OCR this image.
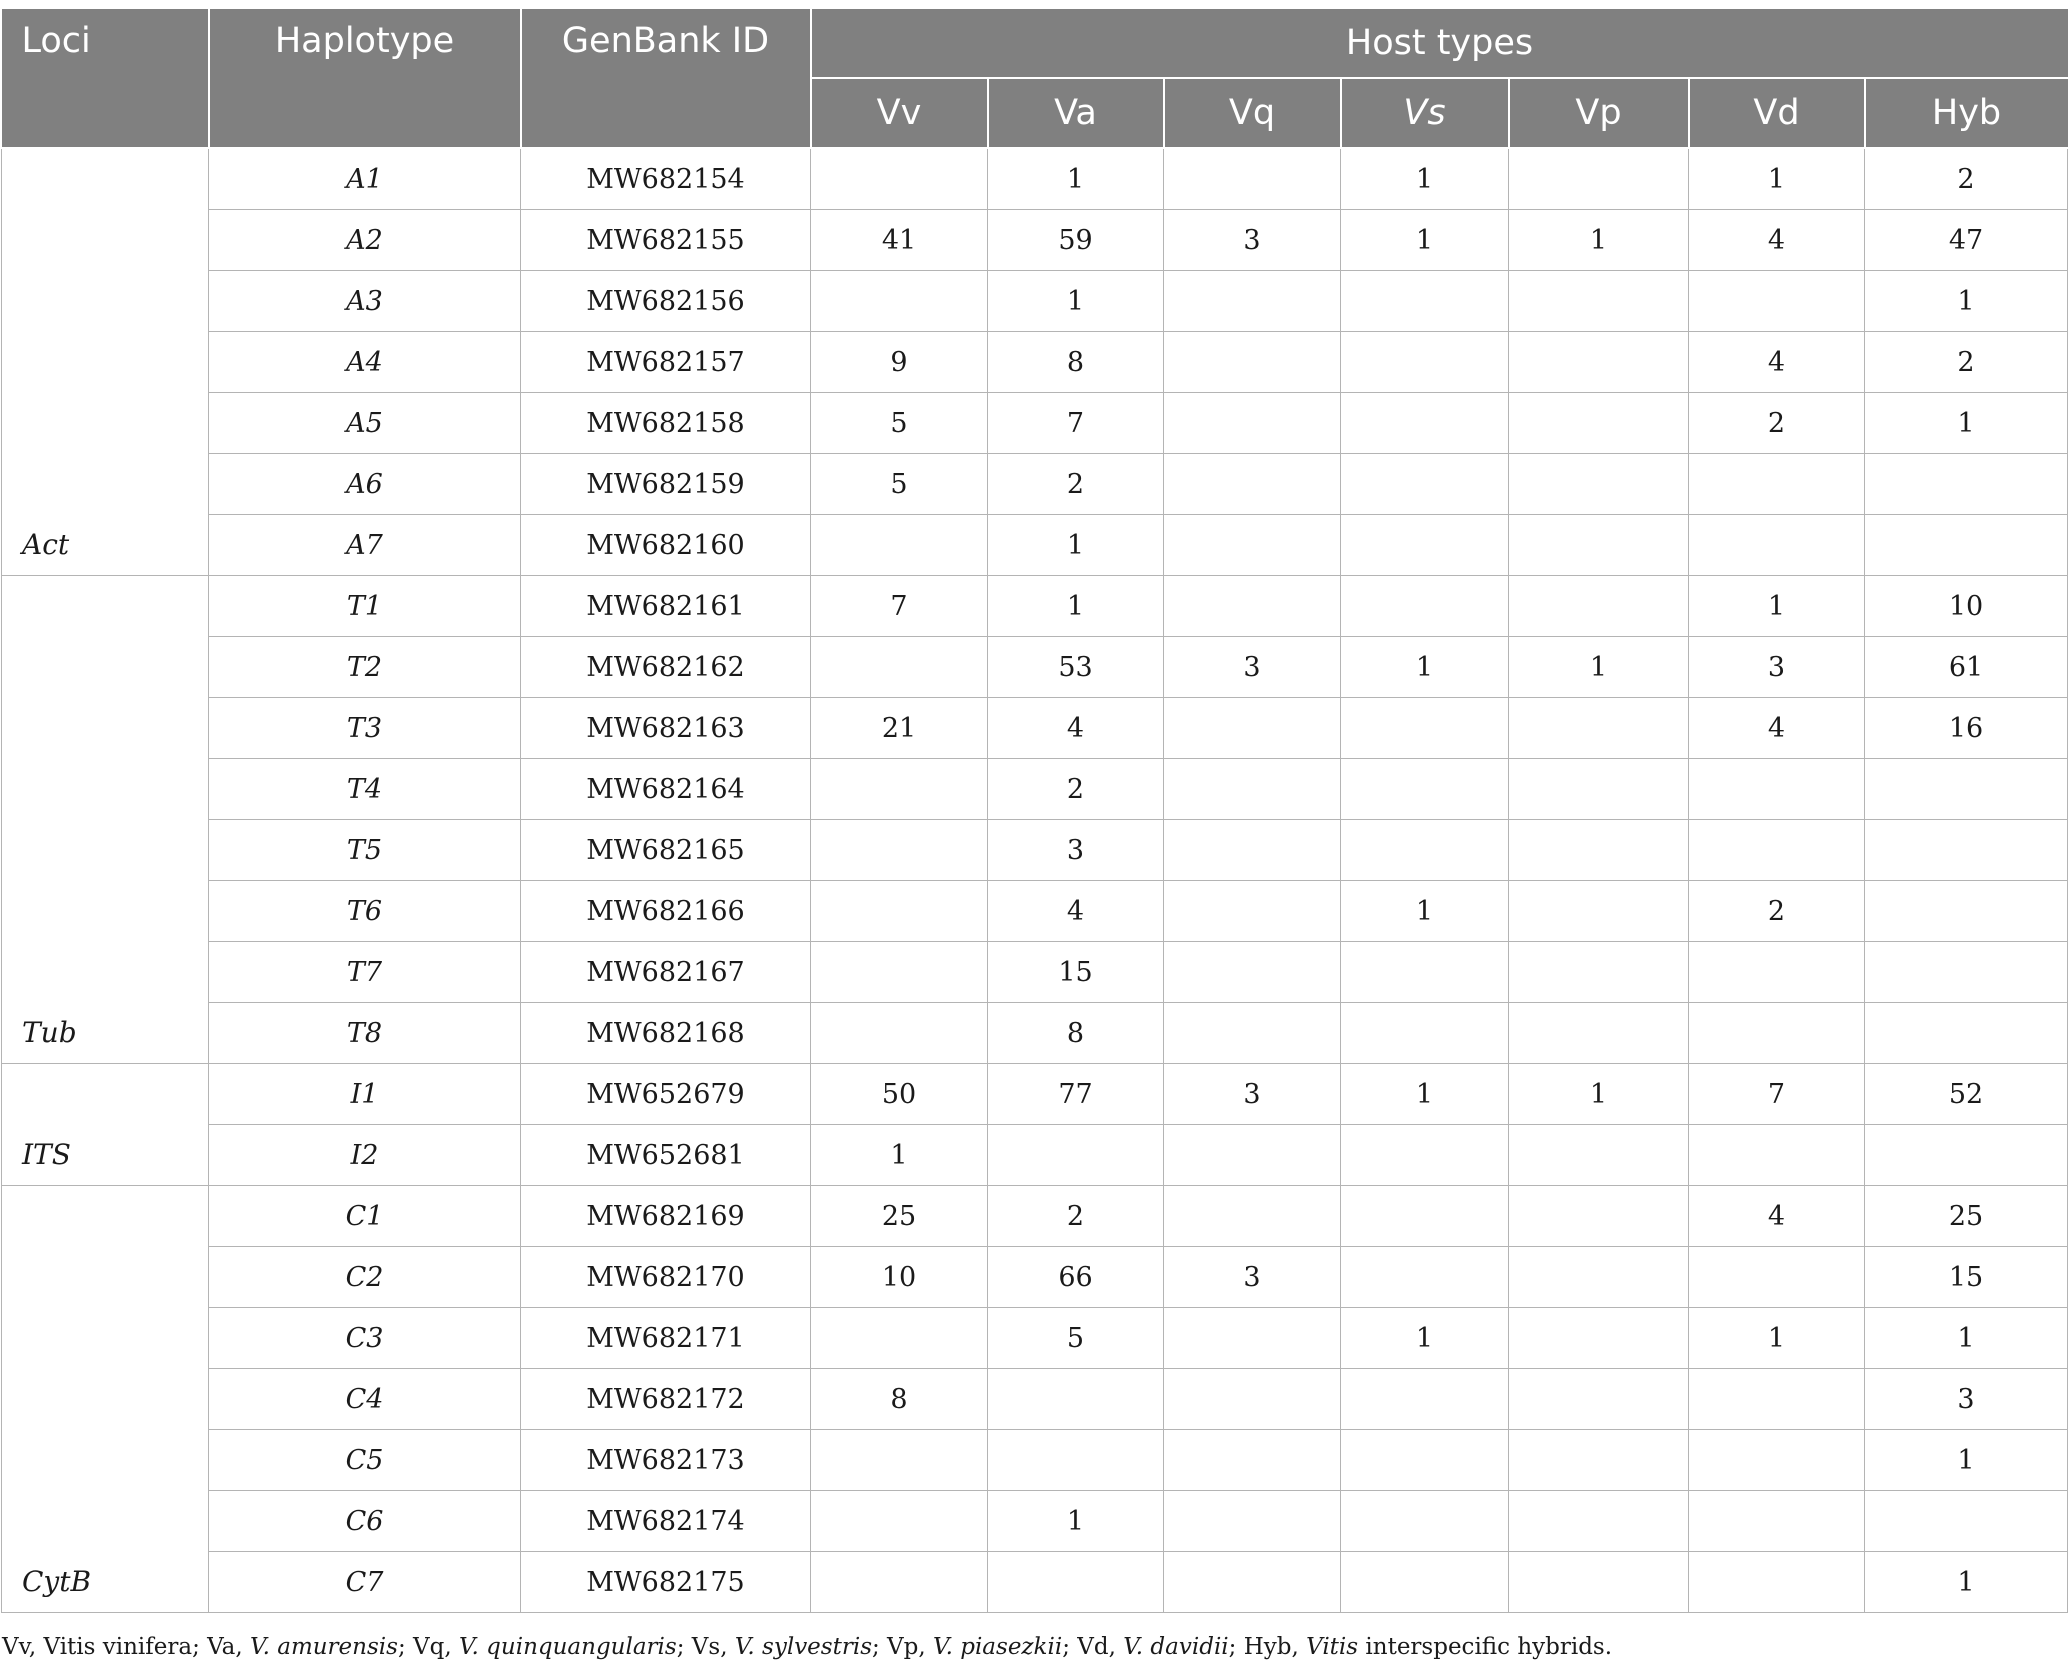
Loci	Haplotype	GenBank ID	Host types						
			Vv	Va	Vq	Vs	Vp	Vd	Hyb
Act	A1	MW682154		1		1		1	2
	A2	MW682155	41	59	3	1	1	4	47
	A3	MW682156		1					1
	A4	MW682157	9	8				4	2
	A5	MW682158	5	7				2	1
	A6	MW682159	5	2					
	A7	MW682160		1					
Tub	T1	MW682161	7	1				1	10
	T2	MW682162		53	3	1	1	3	61
	T3	MW682163	21	4				4	16
	T4	MW682164		2					
	T5	MW682165		3					
	T6	MW682166		4		1		2	
	T7	MW682167		15					
	T8	MW682168		8					
ITS	I1	MW652679	50	77	3	1	1	7	52
	I2	MW652681	1						
CytB	C1	MW682169	25	2				4	25
	C2	MW682170	10	66	3				15
	C3	MW682171		5		1		1	1
	C4	MW682172	8						3
	C5	MW682173							1
	C6	MW682174		1					
	C7	MW682175							1
Vv, Vitis vinifera; Va, V. amurensis; Vq, V. quinquangularis; Vs, V. sylvestris; Vp, V. piasezkii; Vd, V. davidii; Hyb, Vitis interspecific hybrids.
